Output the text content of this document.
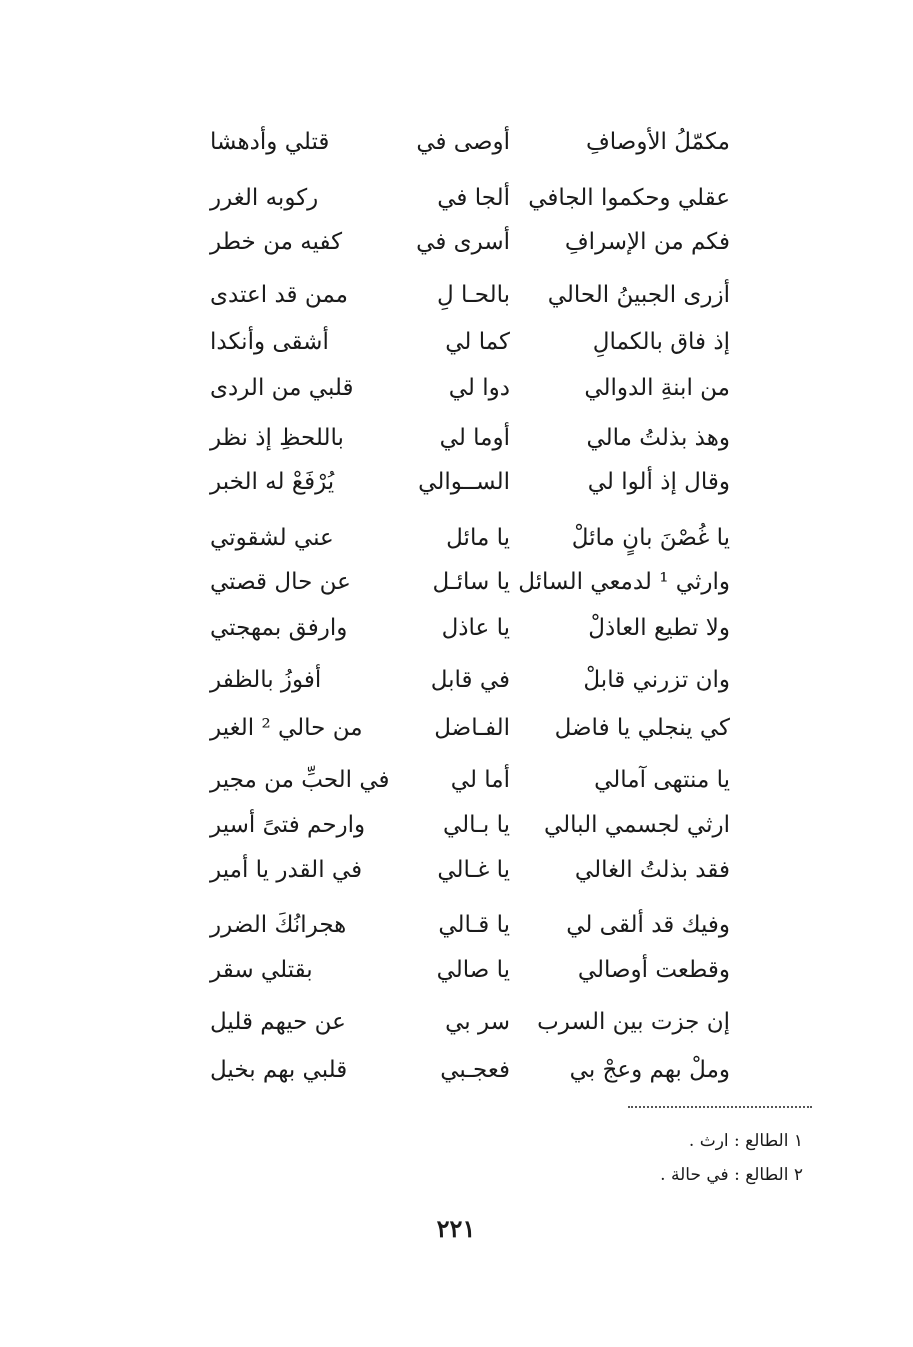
مكمّلُ الأوصافِ
أوصى في
قتلي وأدهشا
عقلي وحكموا الجافي
ألجا في
ركوبه الغرر
فكم من الإسرافِ
أسرى في
كفيه من خطر
أزرى الجبينُ الحالي
بالحـا لِ
ممن قد اعتدى
إذ فاق بالكمالِ
كما لي
أشقى وأنكدا
من ابنةِ الدوالي
دوا لي
قلبي من الردى
وهذ بذلتُ مالي
أوما لي
باللحظِ إذ نظر
وقال إذ ألوا لي
الســوالي
يُرْفَعْ له الخبر
يا غُصْنَ بانٍ مائلْ
يا مائل
عني لشقوتي
وارثي ¹ لدمعي السائل
يا سائـل
عن حال قصتي
ولا تطيع العاذلْ
يا عاذل
وارفق بمهجتي
وان تزرني قابلْ
في قابل
أفوزُ بالظفر
كي ينجلي يا فاضل
الفـاضل
من حالي ² الغير
يا منتهى آمالي
أما لي
في الحبِّ من مجير
ارثي لجسمي البالي
يا بـالي
وارحم فتىً أسير
فقد بذلتُ الغالي
يا غـالي
في القدر يا أمير
وفيك قد ألقى لي
يا قـالي
هجرانُكَ الضرر
وقطعت أوصالي
يا صالي
بقتلي سقر
إن جزت بين السرب
سر بي
عن حيهم قليل
وملْ بهم وعجْ بي
فعجـبي
قلبي بهم بخيل
١ الطالع : ارث .
٢ الطالع : في حالة .
٢٢١
